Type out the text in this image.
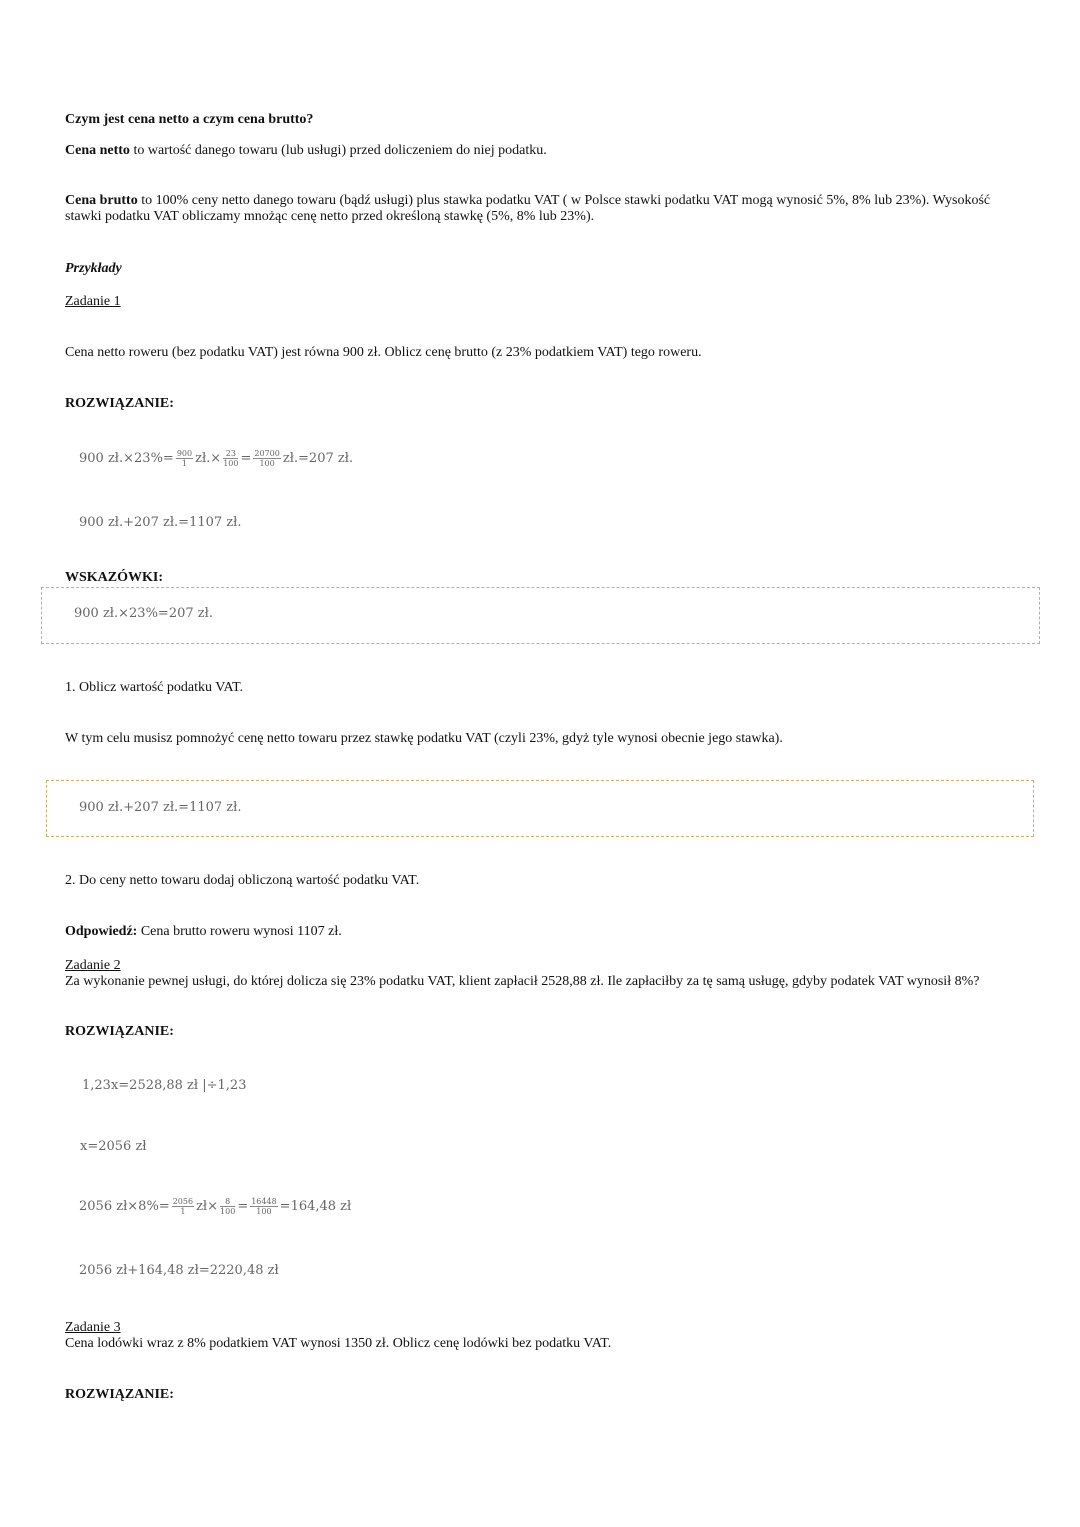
Czym jest cena netto a czym cena brutto?
Cena netto to wartość danego towaru (lub usługi) przed doliczeniem do niej podatku.
Cena brutto to 100% ceny netto danego towaru (bądź usługi) plus stawka podatku VAT ( w Polsce stawki podatku VAT mogą wynosić 5%, 8% lub 23%). Wysokość stawki podatku VAT obliczamy mnożąc cenę netto przed określoną stawkę (5%, 8% lub 23%).
Przykłady
Zadanie 1
Cena netto roweru (bez podatku VAT) jest równa 900 zł. Oblicz cenę brutto (z 23% podatkiem VAT) tego roweru.
ROZWIĄZANIE:
900 zł.×23%= $\frac{900}{1}$ zł.× $\frac{23}{100} = \frac{20700}{100}$ zł.=207 zł.
900 zł.+207 zł.=1107 zł.
WSKAZÓWKI:
900 zł.×23%=207 zł.
1. Oblicz wartość podatku VAT.
W tym celu musisz pomnożyć cenę netto towaru przez stawkę podatku VAT (czyli 23%, gdyż tyle wynosi obecnie jego stawka).
900 zł.+207 zł.=1107 zł.
2. Do ceny netto towaru dodaj obliczoną wartość podatku VAT.
Odpowiedź: Cena brutto roweru wynosi 1107 zł.
Zadanie 2
Za wykonanie pewnej usługi, do której dolicza się 23% podatku VAT, klient zapłacił 2528,88 zł. Ile zapłaciłby za tę samą usługę, gdyby podatek VAT wynosił 8%?
ROZWIĄZANIE:
1,23x=2528,88 zł |÷1,23
x=2056 zł
2056 zł×8%= $\frac{2056}{1}$ zł× $\frac{8}{100} = \frac{16448}{100} =164,48$ zł
2056 zł+164,48 zł=2220,48 zł
Zadanie 3
Cena lodówki wraz z 8% podatkiem VAT wynosi 1350 zł. Oblicz cenę lodówki bez podatku VAT.
ROZWIĄZANIE:
